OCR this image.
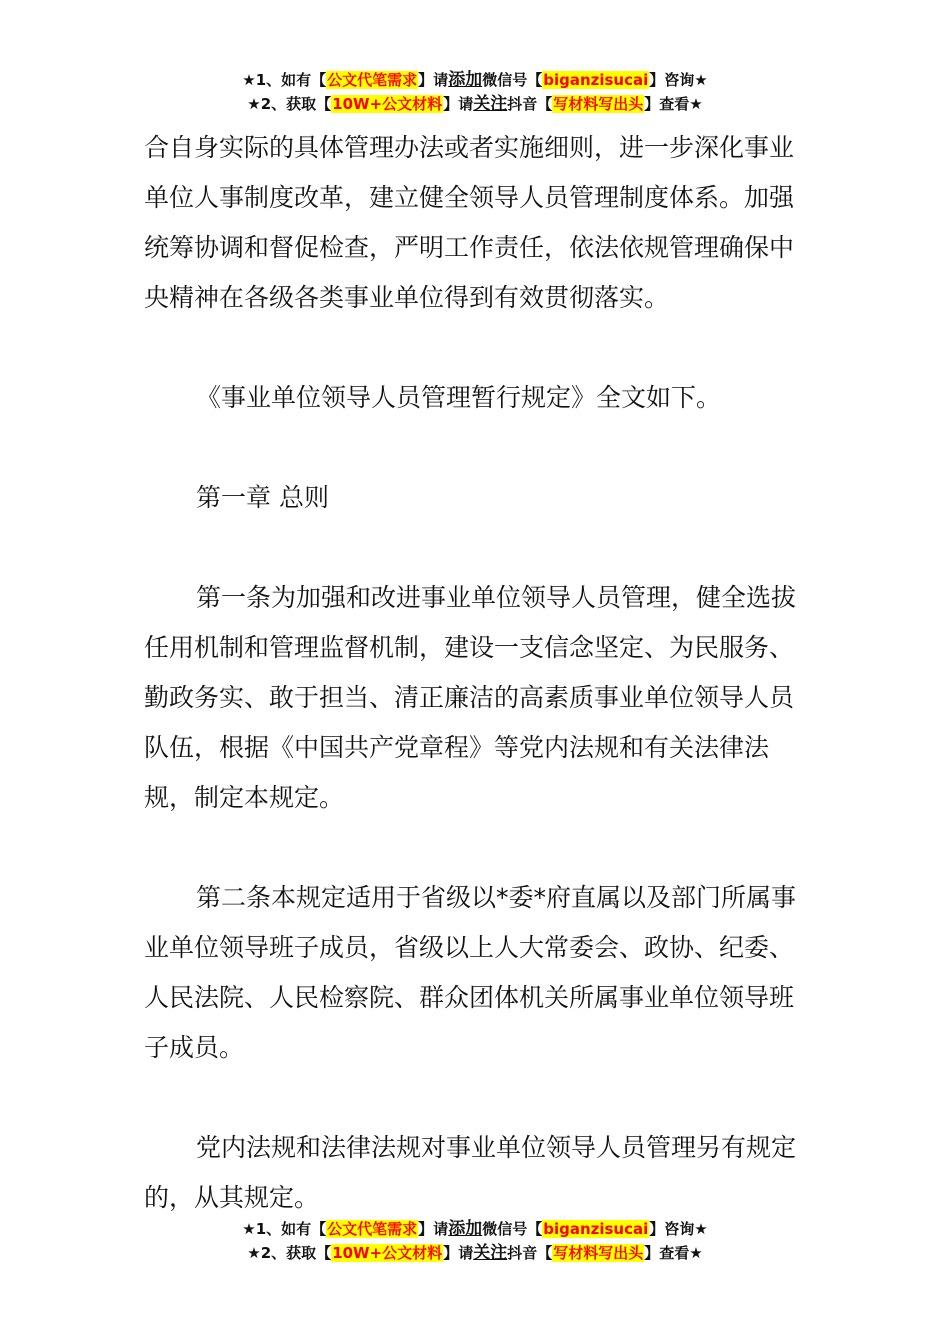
★1、如有【公文代笔需求】请添加微信号【biganzisucai】咨询★
★2、获取【10W+公文材料】请关注抖音【写材料写出头】查看★

合自身实际的具体管理办法或者实施细则，进一步深化事业单位人事制度改革，建立健全领导人员管理制度体系。加强统筹协调和督促检查，严明工作责任，依法依规管理确保中央精神在各级各类事业单位得到有效贯彻落实。

《事业单位领导人员管理暂行规定》全文如下。

第一章 总则

第一条为加强和改进事业单位领导人员管理，健全选拔任用机制和管理监督机制，建设一支信念坚定、为民服务、勤政务实、敢于担当、清正廉洁的高素质事业单位领导人员队伍，根据《中国共产党章程》等党内法规和有关法律法规，制定本规定。

第二条本规定适用于省级以*委*府直属以及部门所属事业单位领导班子成员，省级以上人大常委会、政协、纪委、人民法院、人民检察院、群众团体机关所属事业单位领导班子成员。

党内法规和法律法规对事业单位领导人员管理另有规定的，从其规定。

★1、如有【公文代笔需求】请添加微信号【biganzisucai】咨询★
★2、获取【10W+公文材料】请关注抖音【写材料写出头】查看★
